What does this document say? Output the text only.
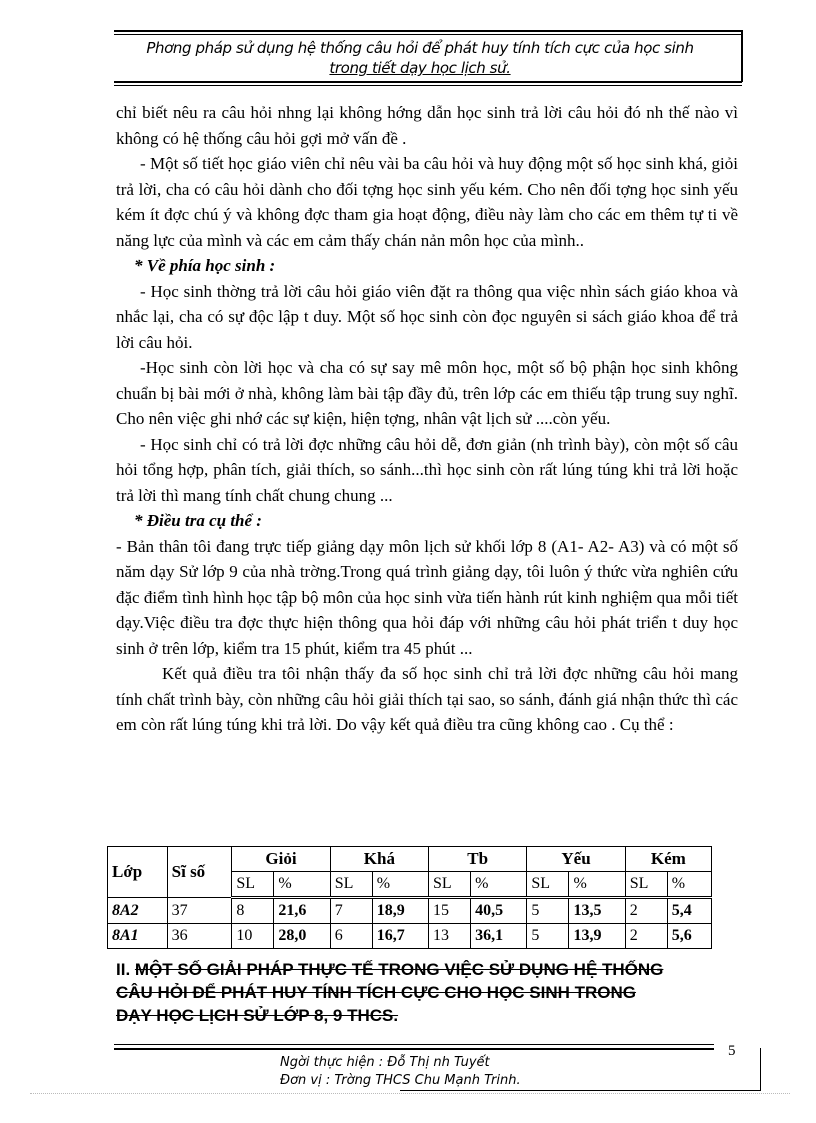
Phơng pháp sử dụng hệ thống câu hỏi để phát huy tính tích cực của học sinh
trong tiết dạy học lịch sử.

chỉ biết nêu ra câu hỏi nhng lại không hớng dẫn học sinh trả lời câu hỏi đó nh thế nào vì không có hệ thống câu hỏi gợi mở vấn đề .

- Một số tiết học giáo viên chỉ nêu vài ba câu hỏi và huy động một số học sinh khá, giỏi trả lời, cha có câu hỏi dành cho đối tợng học sinh yếu kém. Cho nên đối tợng học sinh yếu kém ít đợc chú ý và không đợc tham gia hoạt động, điều này làm cho các em thêm tự ti về năng lực của mình và các em cảm thấy chán nản môn học của mình..

* Về phía học sinh :

- Học sinh thờng trả lời câu hỏi giáo viên đặt ra thông qua việc nhìn sách giáo khoa và nhắc lại, cha có sự độc lập t duy. Một số học sinh còn đọc nguyên si sách giáo khoa để trả lời câu hỏi.

-Học sinh còn lời học và cha có sự say mê môn học, một số bộ phận học sinh không chuẩn bị bài mới ở nhà, không làm bài tập đầy đủ, trên lớp các em thiếu tập trung suy nghĩ. Cho nên việc ghi nhớ các sự kiện, hiện tợng, nhân vật lịch sử ....còn yếu.

- Học sinh chỉ có trả lời đợc những câu hỏi dễ, đơn giản (nh trình bày), còn một số câu hỏi tổng hợp, phân tích, giải thích, so sánh...thì học sinh còn rất lúng túng khi trả lời hoặc trả lời thì mang tính chất chung chung ...

* Điều tra cụ thể :

- Bản thân tôi đang trực tiếp giảng dạy môn lịch sử khối lớp 8 (A1- A2- A3) và có một số năm dạy Sử lớp 9 của nhà trờng.Trong quá trình giảng dạy, tôi luôn ý thức vừa nghiên cứu đặc điểm tình hình học tập bộ môn của học sinh vừa tiến hành rút kinh nghiệm qua mỗi tiết dạy.Việc điều tra đợc thực hiện thông qua hỏi đáp với những câu hỏi phát triển t duy học sinh ở trên lớp, kiểm tra 15 phút, kiểm tra 45 phút ...

Kết quả điều tra tôi nhận thấy đa số học sinh chỉ trả lời đợc những câu hỏi mang tính chất trình bày, còn những câu hỏi giải thích tại sao, so sánh, đánh giá nhận thức thì các em còn rất lúng túng khi trả lời. Do vậy kết quả điều tra cũng không cao . Cụ thể :

Lớp	Sĩ số	Giỏi		Khá		Tb		Yếu		Kém	
		SL	%	SL	%	SL	%	SL	%	SL	%
8A2	37	8	21,6	7	18,9	15	40,5	5	13,5	2	5,4
8A1	36	10	28,0	6	16,7	13	36,1	5	13,9	2	5,6
II. MỘT SỐ GIẢI PHÁP THỰC TẾ TRONG VIỆC SỬ DỤNG HỆ THỐNG
CÂU HỎI ĐỂ PHÁT HUY TÍNH TÍCH CỰC CHO HỌC SINH TRONG
DẠY HỌC LỊCH SỬ LỚP 8, 9 THCS.
5
Ngời thực hiện : Đỗ Thị nh Tuyết
Đơn vị : Trờng THCS Chu Mạnh Trinh.
